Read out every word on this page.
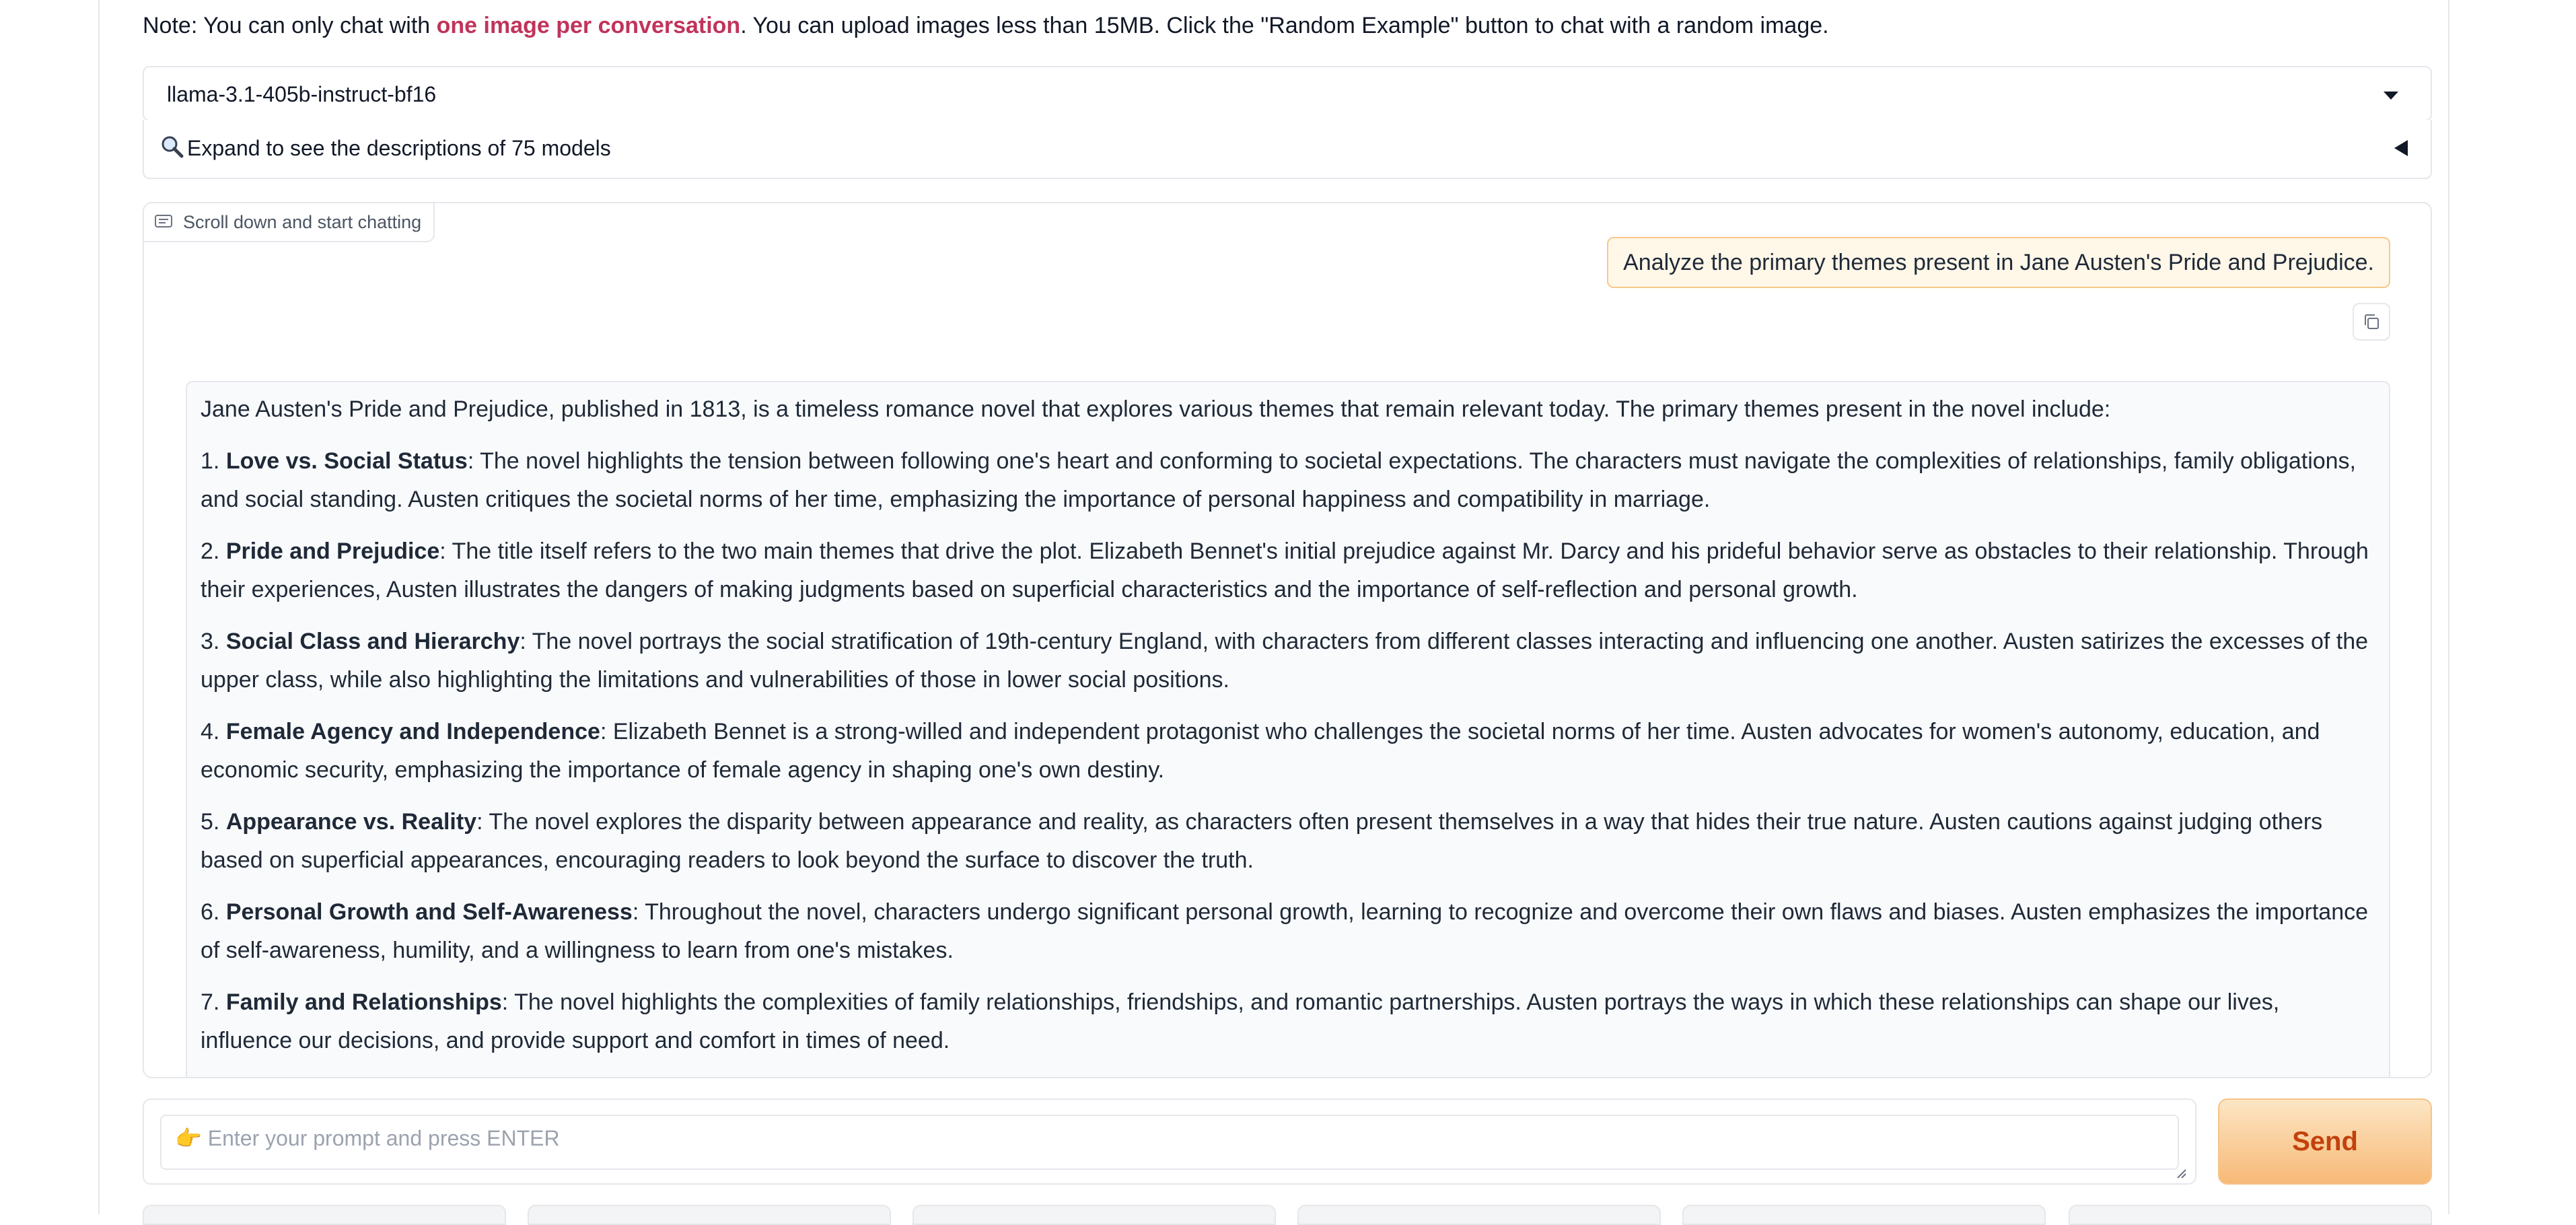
Note: You can only chat with one image per conversation. You can upload images less than 15MB. Click the "Random Example" button to chat with a random image.
llama-3.1-405b-instruct-bf16
Expand to see the descriptions of 75 models
Scroll down and start chatting
Analyze the primary themes present in Jane Austen's Pride and Prejudice.

Jane Austen's Pride and Prejudice, published in 1813, is a timeless romance novel that explores various themes that remain relevant today. The primary themes present in the novel include:

1. Love vs. Social Status: The novel highlights the tension between following one's heart and conforming to societal expectations. The characters must navigate the complexities of relationships, family obligations, and social standing. Austen critiques the societal norms of her time, emphasizing the importance of personal happiness and compatibility in marriage.

2. Pride and Prejudice: The title itself refers to the two main themes that drive the plot. Elizabeth Bennet's initial prejudice against Mr. Darcy and his prideful behavior serve as obstacles to their relationship. Through their experiences, Austen illustrates the dangers of making judgments based on superficial characteristics and the importance of self-reflection and personal growth.

3. Social Class and Hierarchy: The novel portrays the social stratification of 19th-century England, with characters from different classes interacting and influencing one another. Austen satirizes the excesses of the upper class, while also highlighting the limitations and vulnerabilities of those in lower social positions.

4. Female Agency and Independence: Elizabeth Bennet is a strong-willed and independent protagonist who challenges the societal norms of her time. Austen advocates for women's autonomy, education, and economic security, emphasizing the importance of female agency in shaping one's own destiny.

5. Appearance vs. Reality: The novel explores the disparity between appearance and reality, as characters often present themselves in a way that hides their true nature. Austen cautions against judging others based on superficial appearances, encouraging readers to look beyond the surface to discover the truth.

6. Personal Growth and Self-Awareness: Throughout the novel, characters undergo significant personal growth, learning to recognize and overcome their own flaws and biases. Austen emphasizes the importance of self-awareness, humility, and a willingness to learn from one's mistakes.

7. Family and Relationships: The novel highlights the complexities of family relationships, friendships, and romantic partnerships. Austen portrays the ways in which these relationships can shape our lives, influence our decisions, and provide support and comfort in times of need.

👉 Enter your prompt and press ENTER
Send
